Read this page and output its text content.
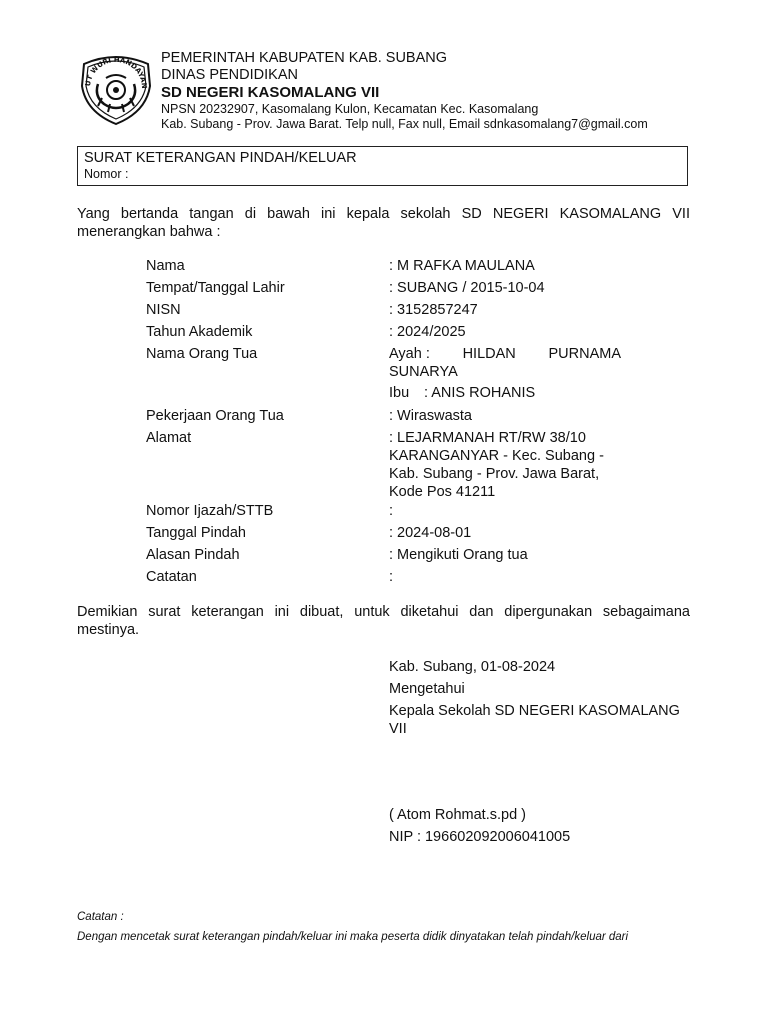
UT WURI HANDAYAN
PEMERINTAH KABUPATEN KAB. SUBANG
DINAS PENDIDIKAN
SD NEGERI KASOMALANG VII
NPSN 20232907, Kasomalang Kulon, Kecamatan Kec. Kasomalang
Kab. Subang - Prov. Jawa Barat. Telp null, Fax null, Email sdnkasomalang7@gmail.com
SURAT KETERANGAN PINDAH/KELUAR
Nomor :
Yang bertanda tangan di bawah ini kepala sekolah SD NEGERI KASOMALANG VII menerangkan bahwa :
Nama	: M RAFKA MAULANA
Tempat/Tanggal Lahir	: SUBANG / 2015-10-04
NISN	: 3152857247
Tahun Akademik	: 2024/2025
Nama Orang Tua	Ayah : HILDAN PURNAMA
SUNARYA
Ibu : ANIS ROHANIS
Pekerjaan Orang Tua	: Wiraswasta
Alamat	: LEJARMANAH RT/RW 38/10
KARANGANYAR - Kec. Subang -
Kab. Subang - Prov. Jawa Barat,
Kode Pos 41211
Nomor Ijazah/STTB	:
Tanggal Pindah	: 2024-08-01
Alasan Pindah	: Mengikuti Orang tua
Catatan	:
Demikian surat keterangan ini dibuat, untuk diketahui dan dipergunakan sebagaimana mestinya.
Kab. Subang, 01-08-2024
Mengetahui
Kepala Sekolah SD NEGERI KASOMALANG VII
( Atom Rohmat.s.pd )
NIP : 196602092006041005
Catatan :
Dengan mencetak surat keterangan pindah/keluar ini maka peserta didik dinyatakan telah pindah/keluar dari
